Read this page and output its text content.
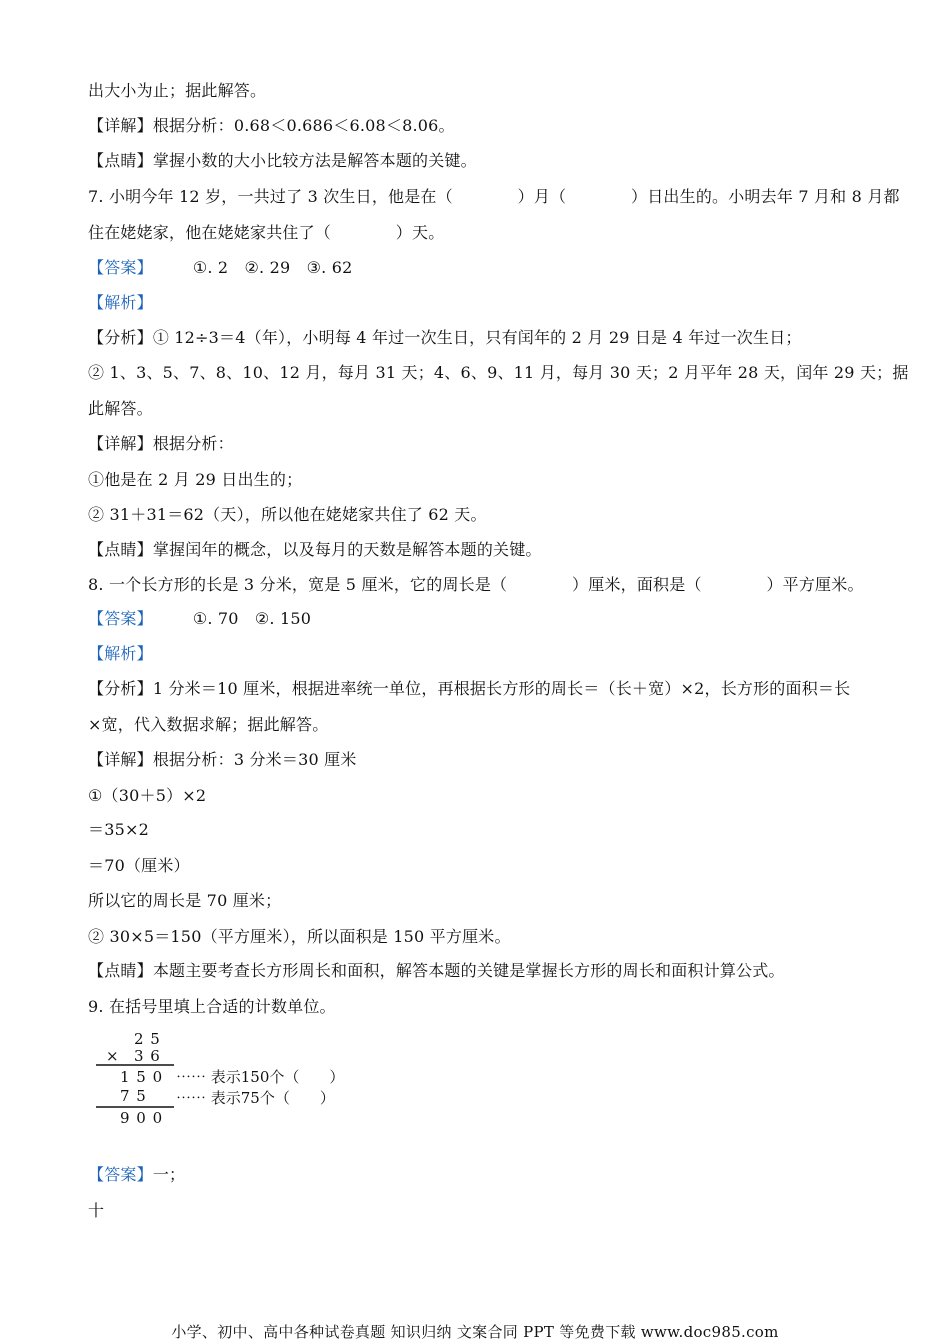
出大小为止；据此解答。
【详解】根据分析：0.68＜0.686＜6.08＜8.06。
【点睛】掌握小数的大小比较方法是解答本题的关键。
7. 小明今年 12 岁，一共过了 3 次生日，他是在（　　　　）月（　　　　）日出生的。小明去年 7 月和 8 月都
住在姥姥家，他在姥姥家共住了（　　　　）天。
【答案】	①. 2　②. 29　③. 62
【解析】
【分析】① 12÷3＝4（年），小明每 4 年过一次生日，只有闰年的 2 月 29 日是 4 年过一次生日；
② 1、3、5、7、8、10、12 月，每月 31 天；4、6、9、11 月，每月 30 天；2 月平年 28 天，闰年 29 天；据
此解答。
【详解】根据分析：
①他是在 2 月 29 日出生的；
② 31＋31＝62（天），所以他在姥姥家共住了 62 天。
【点睛】掌握闰年的概念，以及每月的天数是解答本题的关键。
8. 一个长方形的长是 3 分米，宽是 5 厘米，它的周长是（　　　　）厘米，面积是（　　　　）平方厘米。
【答案】	①. 70　②. 150
【解析】
【分析】1 分米＝10 厘米，根据进率统一单位，再根据长方形的周长＝（长＋宽）×2，长方形的面积＝长
×宽，代入数据求解；据此解答。
【详解】根据分析：3 分米＝30 厘米
①（30＋5）×2
＝35×2
＝70（厘米）
所以它的周长是 70 厘米；
② 30×5＝150（平方厘米），所以面积是 150 平方厘米。
【点睛】本题主要考查长方形周长和面积，解答本题的关键是掌握长方形的周长和面积计算公式。
9. 在括号里填上合适的计数单位。
2 5
× 3 6
1 5 0 ⋯⋯ 表示150个（　　）
7 5 ⋯⋯ 表示75个（　　）
9 0 0
【答案】一；
十
小学、初中、高中各种试卷真题 知识归纳 文案合同 PPT 等免费下载 www.doc985.com
